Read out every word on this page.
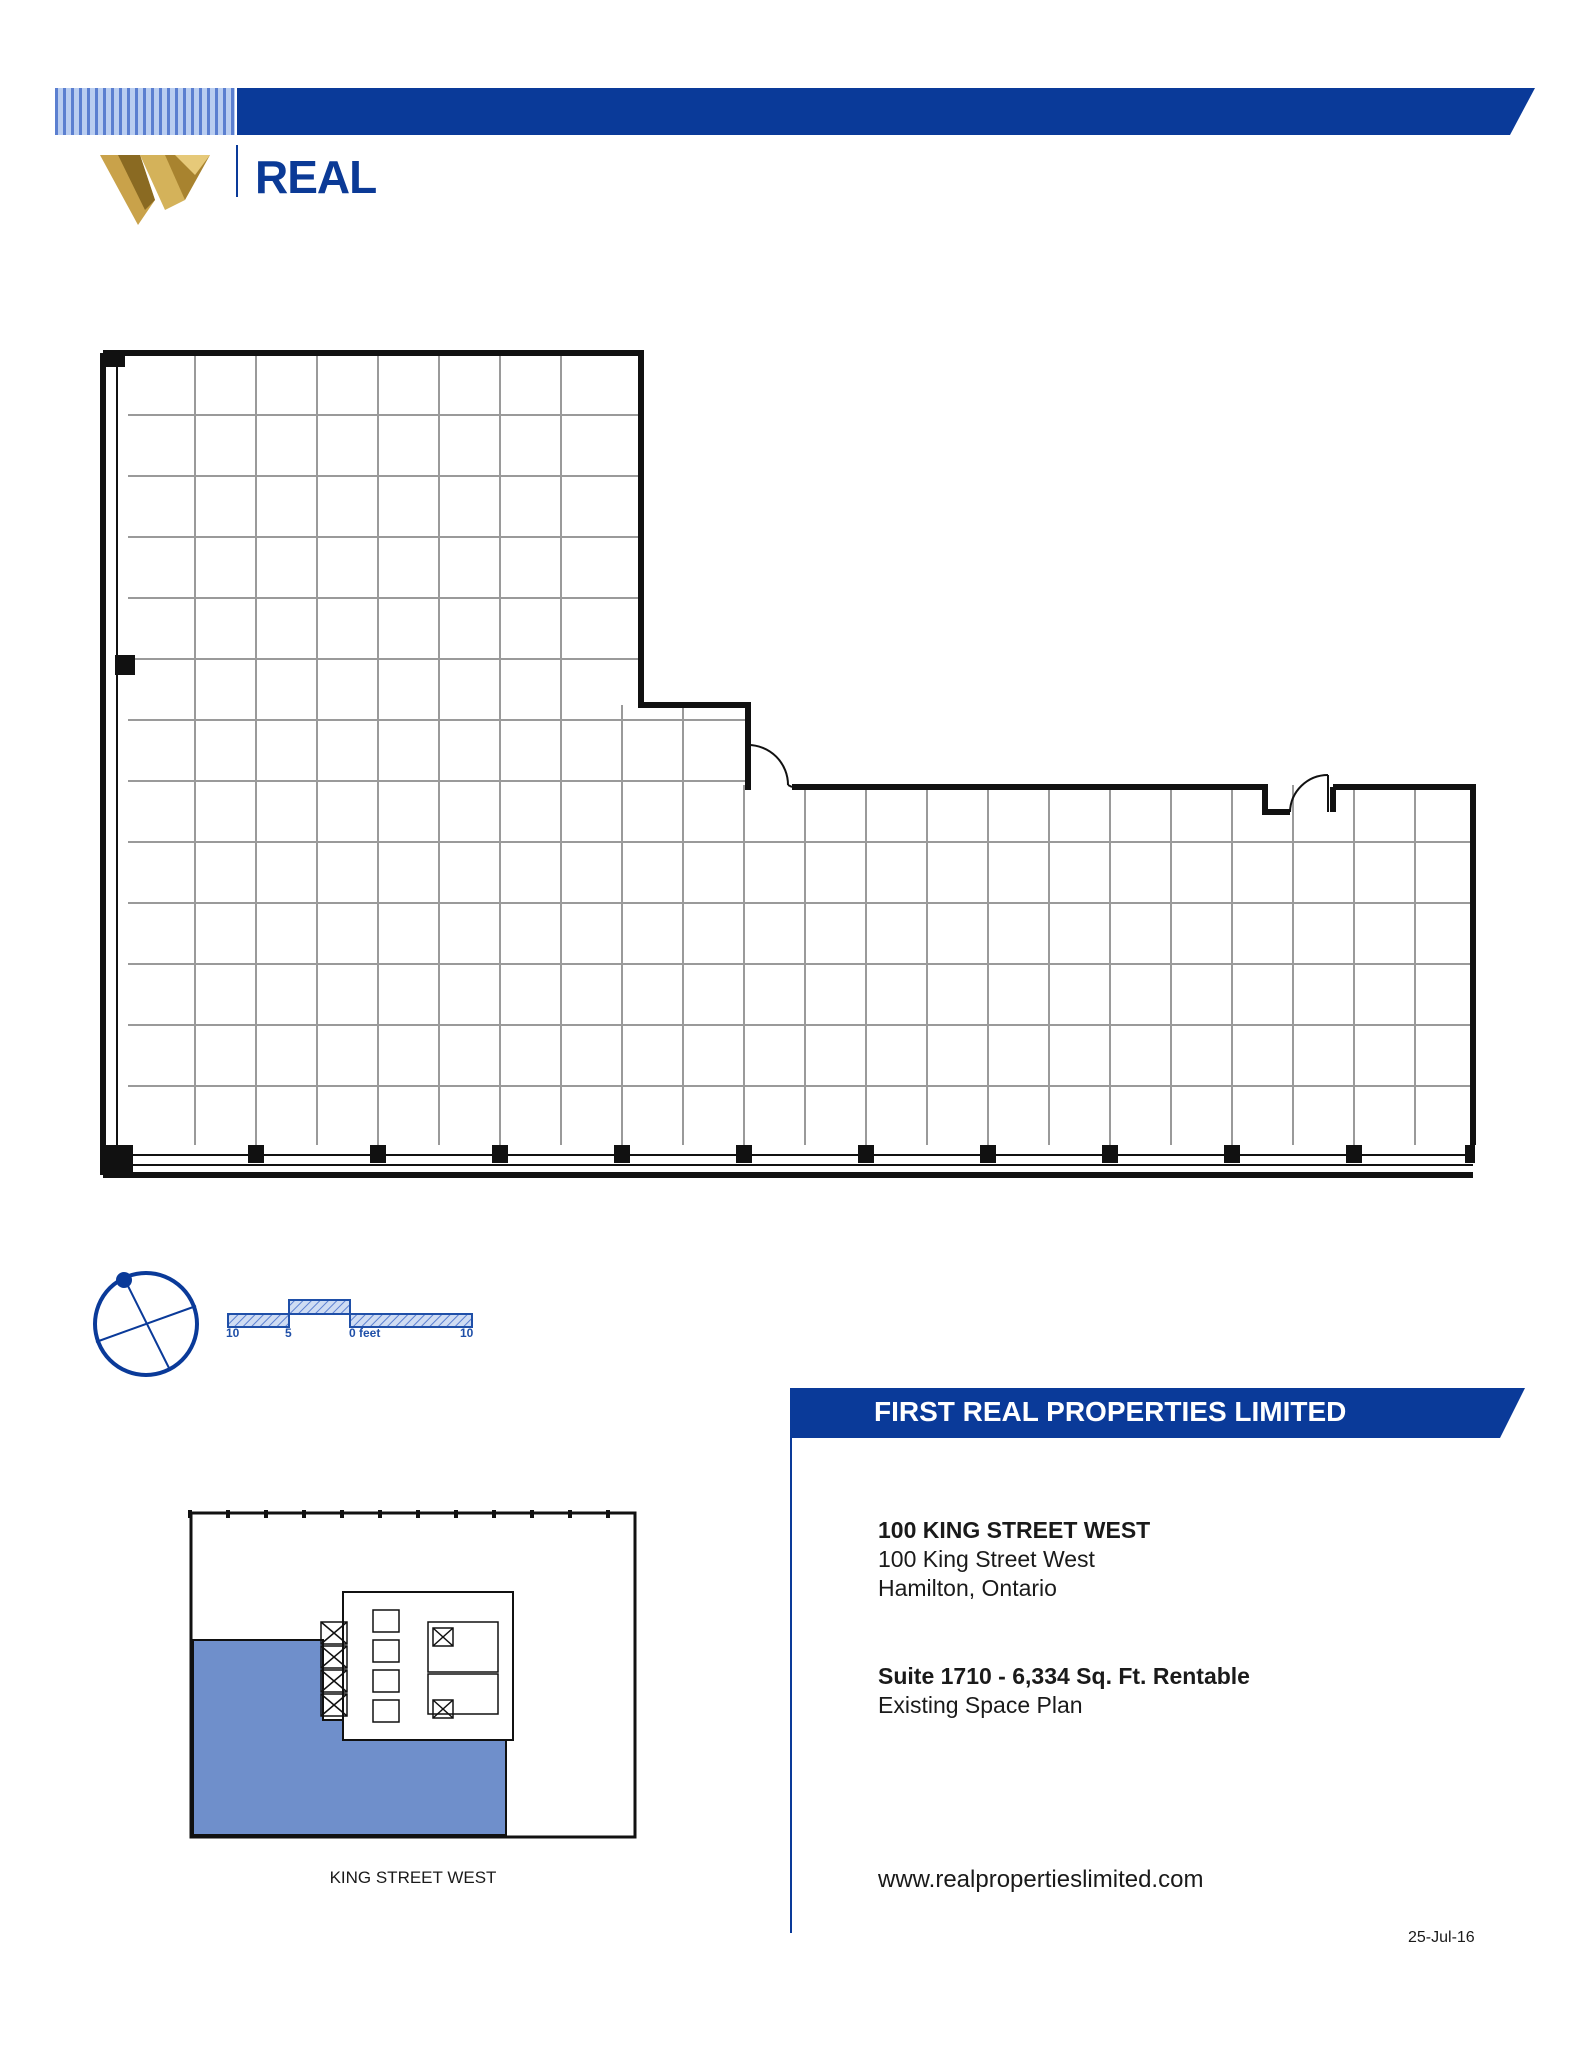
REAL
10	5	0 feet	10
FIRST REAL PROPERTIES LIMITED
100 KING STREET WEST
100 King Street West
Hamilton, Ontario
Suite 1710 - 6,334 Sq. Ft. Rentable
Existing Space Plan
KING STREET WEST	www.realpropertieslimited.com
25-Jul-16
